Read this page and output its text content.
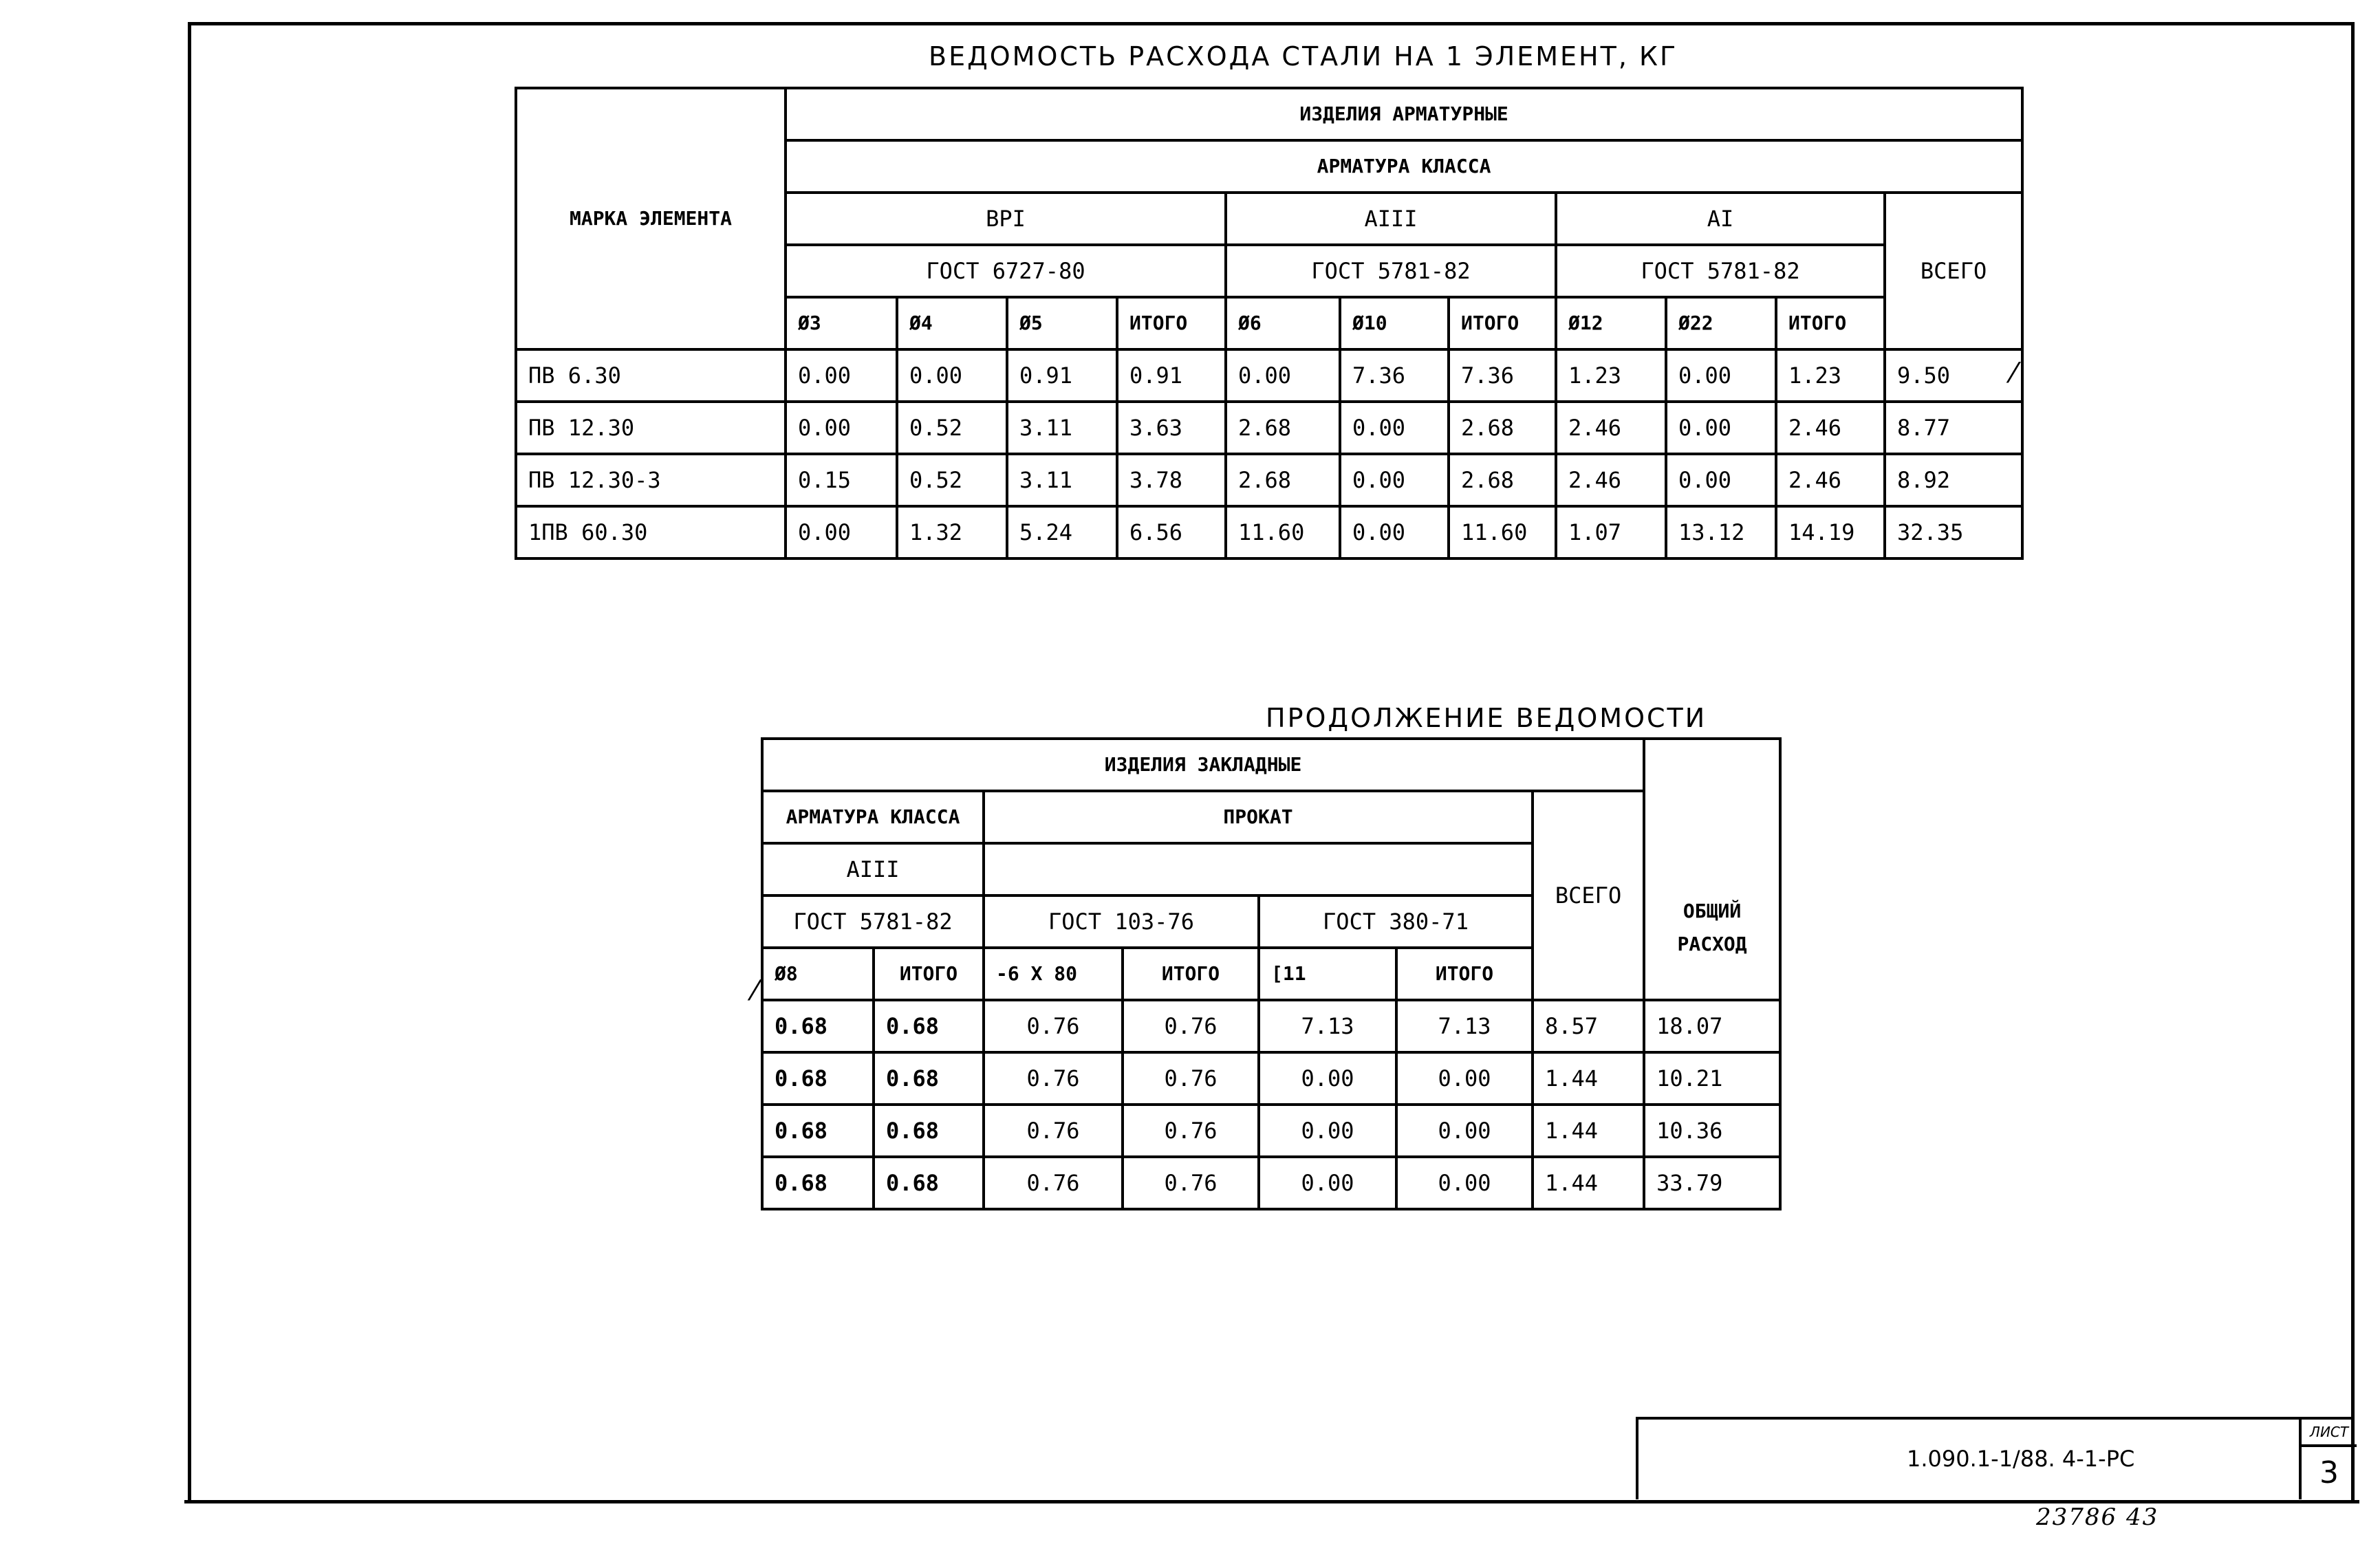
ВЕДОМОСТЬ РАСХОДА СТАЛИ НА 1 ЭЛЕМЕНТ, КГ
МАРКА ЭЛЕМЕНТА	ИЗДЕЛИЯ АРМАТУРНЫЕ										
	АРМАТУРА КЛАССА										
	ВРI				АIII			АI			ВСЕГО
	ГОСТ 6727-80				ГОСТ 5781-82			ГОСТ 5781-82			
	Ø3	Ø4	Ø5	ИТОГО	Ø6	Ø10	ИТОГО	Ø12	Ø22	ИТОГО	
ПВ 6.30	0.00	0.00	0.91	0.91	0.00	7.36	7.36	1.23	0.00	1.23	9.50
ПВ 12.30	0.00	0.52	3.11	3.63	2.68	0.00	2.68	2.46	0.00	2.46	8.77
ПВ 12.30-3	0.15	0.52	3.11	3.78	2.68	0.00	2.68	2.46	0.00	2.46	8.92
1ПВ 60.30	0.00	1.32	5.24	6.56	11.60	0.00	11.60	1.07	13.12	14.19	32.35
ПРОДОЛЖЕНИЕ ВЕДОМОСТИ
ИЗДЕЛИЯ ЗАКЛАДНЫЕ							ОБЩИЙ
РАСХОД

АРМАТУРА КЛАССА		ПРОКАТ				ВСЕГО	
АIII							
ГОСТ 5781-82		ГОСТ 103-76		ГОСТ 380-71			
Ø8	ИТОГО	-6 X 80	ИТОГО	[11	ИТОГО		
0.68	0.68	0.76	0.76	7.13	7.13	8.57	18.07
0.68	0.68	0.76	0.76	0.00	0.00	1.44	10.21
0.68	0.68	0.76	0.76	0.00	0.00	1.44	10.36
0.68	0.68	0.76	0.76	0.00	0.00	1.44	33.79
1.090.1-1/88. 4-1-РС
ЛИСТ
3
23786 43
⁄
⁄
